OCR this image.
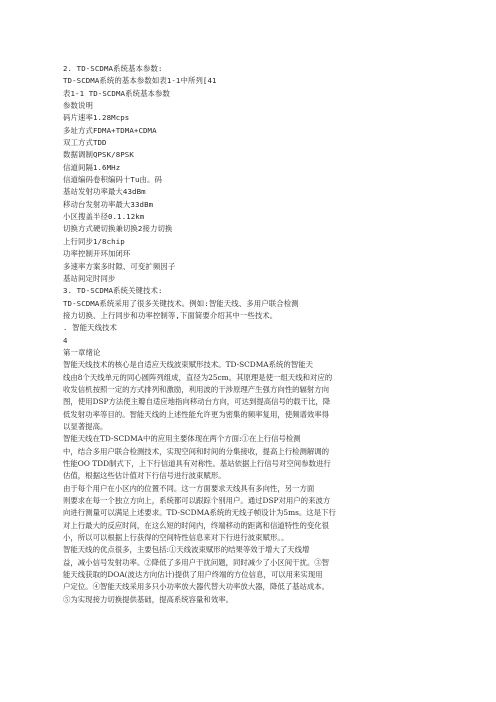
2. TD-SCDMA系统基本参数:
TD-SCDMA系统的基本参数如表1-1中所列[41
表1-1 TD-SCDMA系统基本参数
参数说明
码片速率1.28Mcps
多址方式FDMA+TDMA+CDMA
双工方式TDD
数据调制QPSK/8PSK
信道间隔1.6MHz
信道编码卷积编码十Tu由。码
基站发射功率最大43dBm
移动台发射功率最大33dBm
小区搜盖半径0.1.12km
切换方式硬切换兼切换2接力切换
上行同步1/8chip
功率控制开环加闭环
多速率方案多时隙、可变扩频因子
基站间定时同步
3. TD-SCDMA系统关键技术:
TD-SCDMA系统采用了很多关键技术。例如:智能天线、多用户联合检测
接力切换、上行同步和功率控制等,下面简要介绍其中一些技术。
. 智能天线技术
4
第一章绪论
智能天线技术的核心是自适应天线波束赋形技术。TD-SCDMA系统的智能天
线由8个天线单元的同心圆阵列组成，直径为25cm。其原理是使一组天线和对应的
收发信机按照一定的方式排列和激励，利用波的干涉原理产生强方向性的辐射方向
图，使用DSP方法使主瓣自适应地指向移动台方向，可达到提高信号的载干比，降
低发射功率等目的。智能天线的上述性能允许更为密集的频率复用，使频谱效率得
以显著提高。
智能天线在TD-SCDMA中的应用主要体现在两个方面:①在上行信号检测
中，结合多用户联合检测技术，实现空间和时间的分集接收，提高上行检测解调的
性能OO TDD制式下，上下行信道具有对称性。基站依据上行信号对空间参数进行
估值，根据这些估计值对下行信号进行波束赋形。
由于每个用户在小区内的位置不同。这一方面要求天线具有多向性，另一方面
则要求在每一个独立方向上，系统都可以跟踪个别用户。通过DSP对用户的来波方
向进行测量可以满足上述要求。TD-SCDMA系统的无线子帧设计为5ms。这是下行
对上行最大的反应时间，在这么短的时间内，终端移动的距离和信道特性的变化很
小，所以可以根据上行获得的空间特性信息来对下行进行波束赋形。。
智能天线的优点很多，主要包括:①天线波束赋形的结果等效于增大了天线增
益，减小信号发射功率。②降低了多用户干扰问题，同时减少了小区间干扰。③智
能天线获取的DOA(波达方向估计)提供了用户终端的方位信息，可以用来实现用
户定位。④智能天线采用多只小功率放大器代替大功率放大器，降低了基站成本。
⑤为实现接力切换提供基础，提高系统容量和效率。
